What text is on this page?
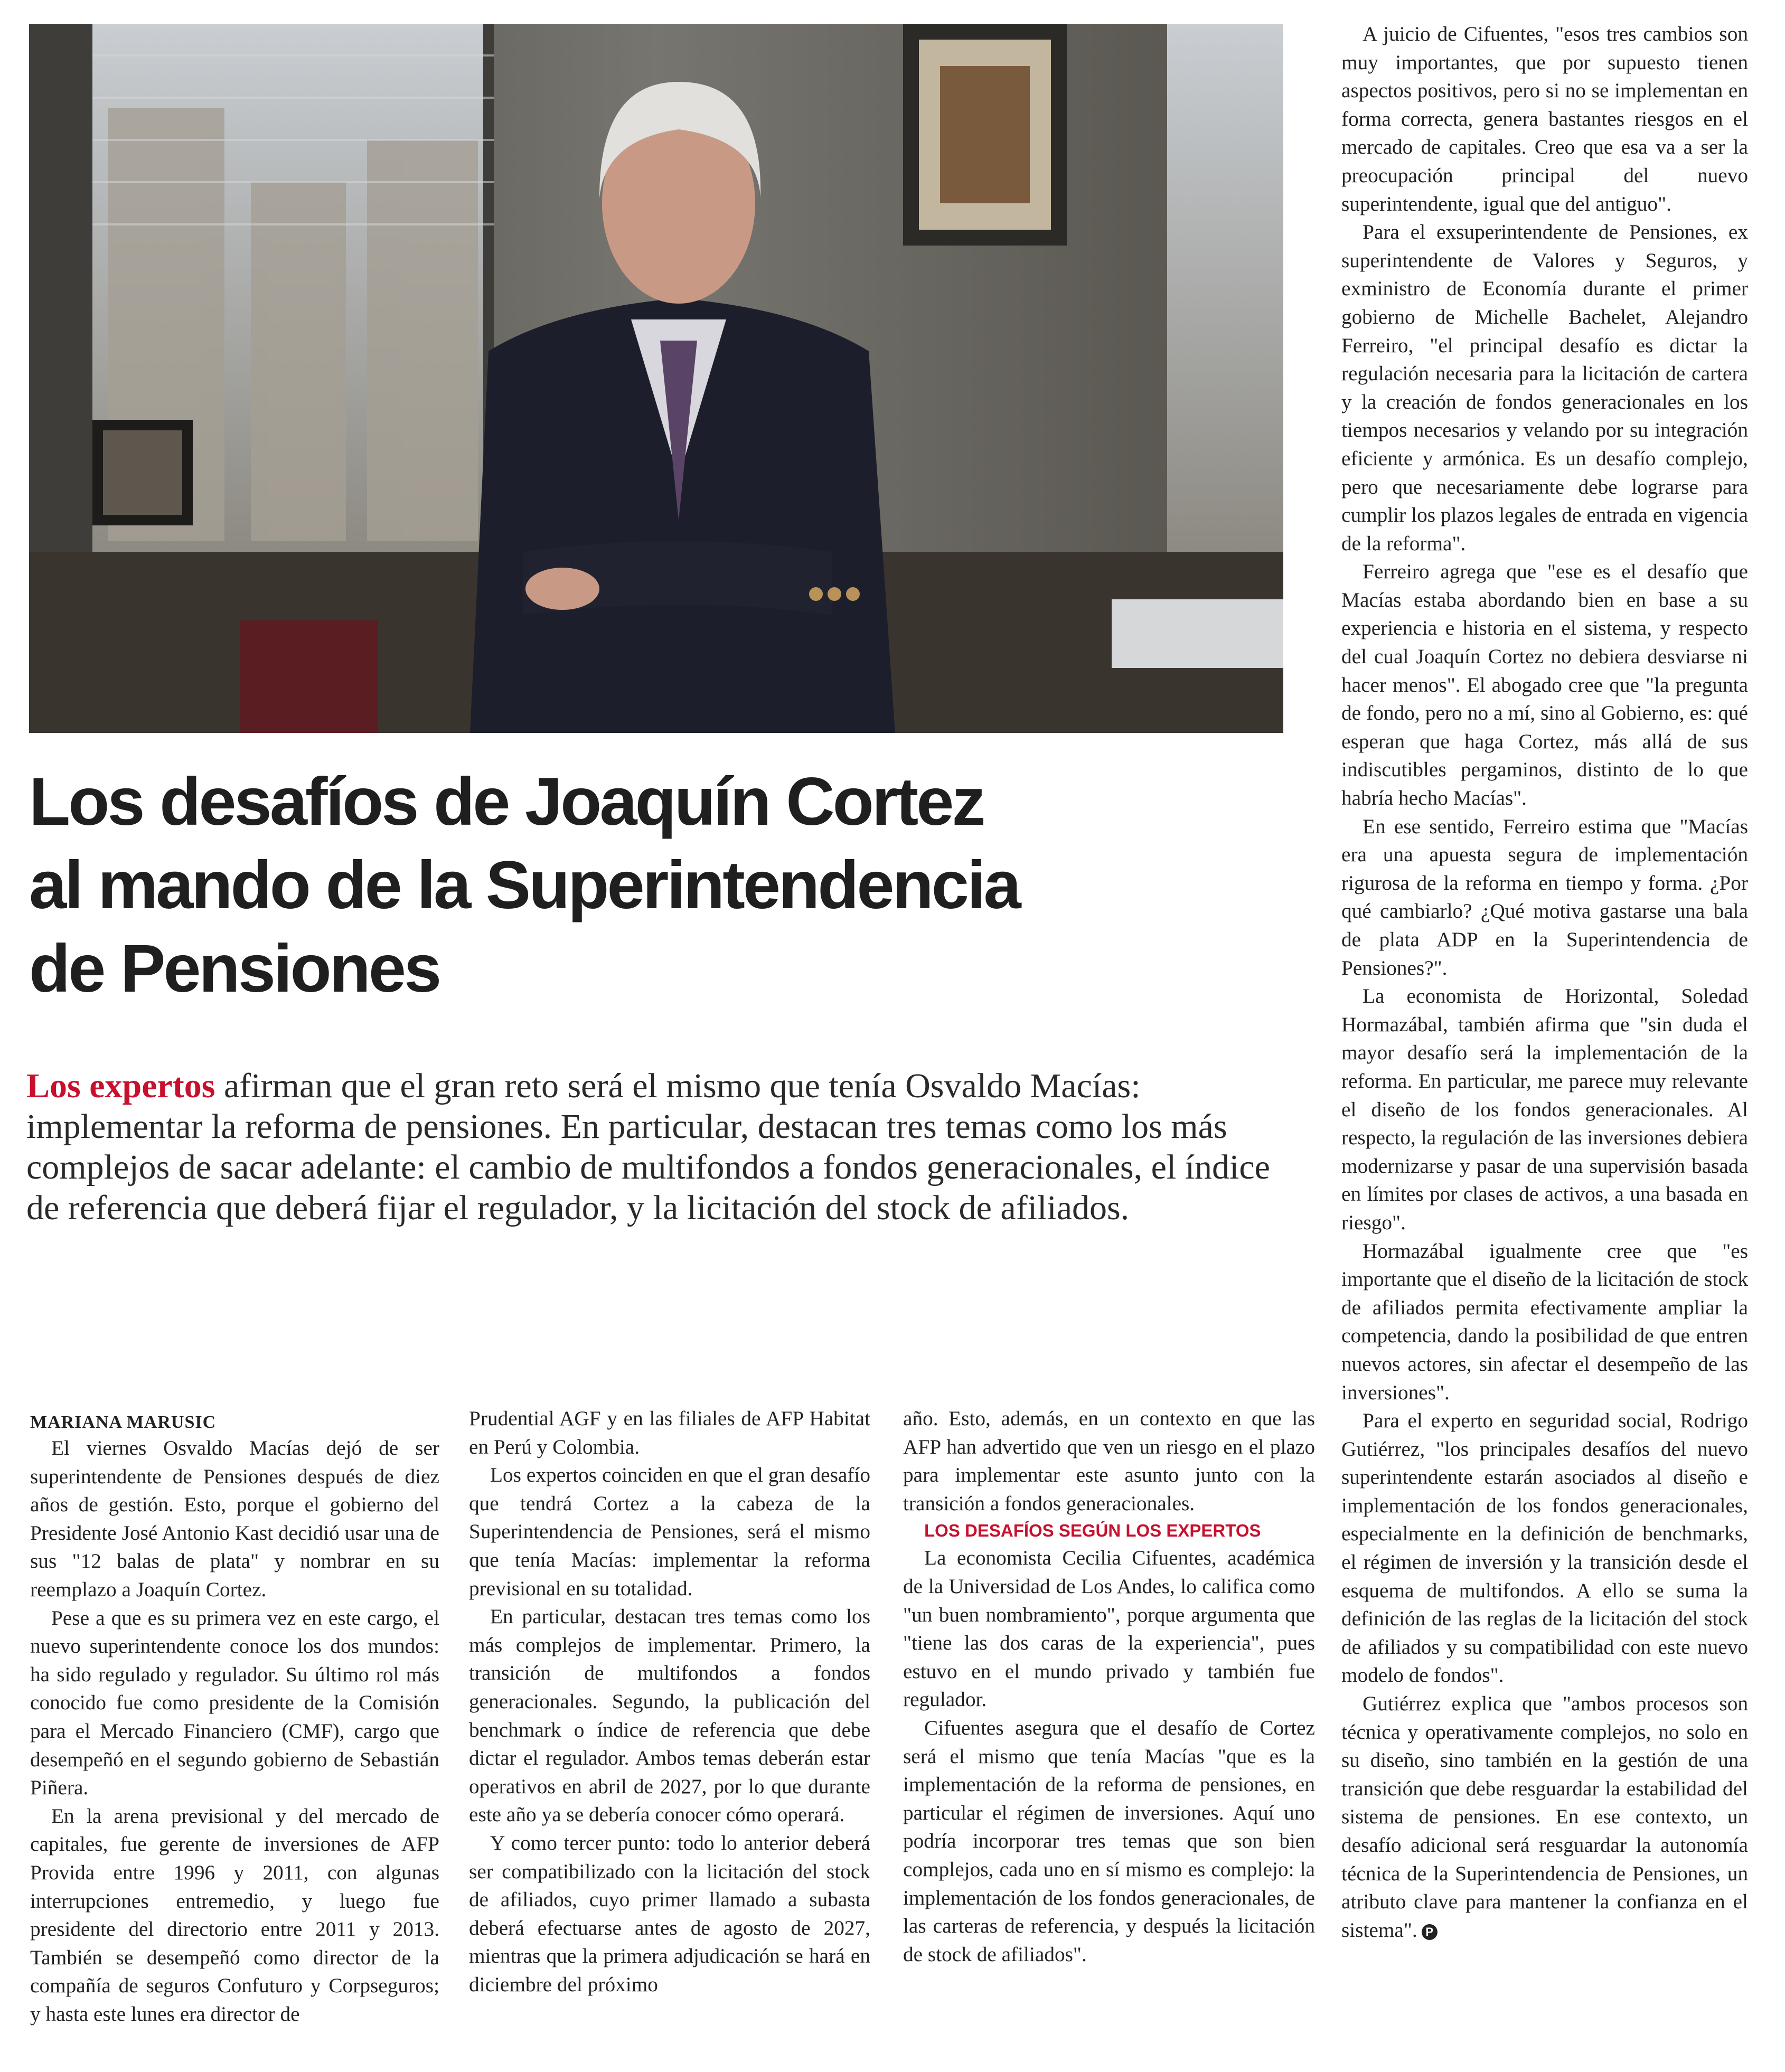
Los desafíos de Joaquín Cortez
al mando de la Superintendencia
de Pensiones

Los expertos afirman que el gran reto será el mismo que tenía Osvaldo Macías: implementar la reforma de pensiones. En particular, destacan tres temas como los más complejos de sacar adelante: el cambio de multifondos a fondos generacionales, el índice de referencia que deberá fijar el regulador, y la licitación del stock de afiliados.

MARIANA MARUSIC

El viernes Osvaldo Macías dejó de ser superintendente de Pensiones después de diez años de gestión. Esto, porque el gobierno del Presidente José Antonio Kast decidió usar una de sus "12 balas de plata" y nombrar en su reemplazo a Joaquín Cortez.

Pese a que es su primera vez en este cargo, el nuevo superintendente conoce los dos mundos: ha sido regulado y regulador. Su último rol más conocido fue como presidente de la Comisión para el Mercado Financiero (CMF), cargo que desempeñó en el segundo gobierno de Sebastián Piñera.

En la arena previsional y del mercado de capitales, fue gerente de inversiones de AFP Provida entre 1996 y 2011, con algunas interrupciones entremedio, y luego fue presidente del directorio entre 2011 y 2013. También se desempeñó como director de la compañía de seguros Confuturo y Corpseguros; y hasta este lunes era director de

Prudential AGF y en las filiales de AFP Habitat en Perú y Colombia.

Los expertos coinciden en que el gran desafío que tendrá Cortez a la cabeza de la Superintendencia de Pensiones, será el mismo que tenía Macías: implementar la reforma previsional en su totalidad.

En particular, destacan tres temas como los más complejos de implementar. Primero, la transición de multifondos a fondos generacionales. Segundo, la publicación del benchmark o índice de referencia que debe dictar el regulador. Ambos temas deberán estar operativos en abril de 2027, por lo que durante este año ya se debería conocer cómo operará.

Y como tercer punto: todo lo anterior deberá ser compatibilizado con la licitación del stock de afiliados, cuyo primer llamado a subasta deberá efectuarse antes de agosto de 2027, mientras que la primera adjudicación se hará en diciembre del próximo

año. Esto, además, en un contexto en que las AFP han advertido que ven un riesgo en el plazo para implementar este asunto junto con la transición a fondos generacionales.

LOS DESAFÍOS SEGÚN LOS EXPERTOS

La economista Cecilia Cifuentes, académica de la Universidad de Los Andes, lo califica como "un buen nombramiento", porque argumenta que "tiene las dos caras de la experiencia", pues estuvo en el mundo privado y también fue regulador.

Cifuentes asegura que el desafío de Cortez será el mismo que tenía Macías "que es la implementación de la reforma de pensiones, en particular el régimen de inversiones. Aquí uno podría incorporar tres temas que son bien complejos, cada uno en sí mismo es complejo: la implementación de los fondos generacionales, de las carteras de referencia, y después la licitación de stock de afiliados".

A juicio de Cifuentes, "esos tres cambios son muy importantes, que por supuesto tienen aspectos positivos, pero si no se implementan en forma correcta, genera bastantes riesgos en el mercado de capitales. Creo que esa va a ser la preocupación principal del nuevo superintendente, igual que del antiguo".

Para el exsuperintendente de Pensiones, ex superintendente de Valores y Seguros, y exministro de Economía durante el primer gobierno de Michelle Bachelet, Alejandro Ferreiro, "el principal desafío es dictar la regulación necesaria para la licitación de cartera y la creación de fondos generacionales en los tiempos necesarios y velando por su integración eficiente y armónica. Es un desafío complejo, pero que necesariamente debe lograrse para cumplir los plazos legales de entrada en vigencia de la reforma".

Ferreiro agrega que "ese es el desafío que Macías estaba abordando bien en base a su experiencia e historia en el sistema, y respecto del cual Joaquín Cortez no debiera desviarse ni hacer menos". El abogado cree que "la pregunta de fondo, pero no a mí, sino al Gobierno, es: qué esperan que haga Cortez, más allá de sus indiscutibles pergaminos, distinto de lo que habría hecho Macías".

En ese sentido, Ferreiro estima que "Macías era una apuesta segura de implementación rigurosa de la reforma en tiempo y forma. ¿Por qué cambiarlo? ¿Qué motiva gastarse una bala de plata ADP en la Superintendencia de Pensiones?".

La economista de Horizontal, Soledad Hormazábal, también afirma que "sin duda el mayor desafío será la implementación de la reforma. En particular, me parece muy relevante el diseño de los fondos generacionales. Al respecto, la regulación de las inversiones debiera modernizarse y pasar de una supervisión basada en límites por clases de activos, a una basada en riesgo".

Hormazábal igualmente cree que "es importante que el diseño de la licitación de stock de afiliados permita efectivamente ampliar la competencia, dando la posibilidad de que entren nuevos actores, sin afectar el desempeño de las inversiones".

Para el experto en seguridad social, Rodrigo Gutiérrez, "los principales desafíos del nuevo superintendente estarán asociados al diseño e implementación de los fondos generacionales, especialmente en la definición de benchmarks, el régimen de inversión y la transición desde el esquema de multifondos. A ello se suma la definición de las reglas de la licitación del stock de afiliados y su compatibilidad con este nuevo modelo de fondos".

Gutiérrez explica que "ambos procesos son técnica y operativamente complejos, no solo en su diseño, sino también en la gestión de una transición que debe resguardar la estabilidad del sistema de pensiones. En ese contexto, un desafío adicional será resguardar la autonomía técnica de la Superintendencia de Pensiones, un atributo clave para mantener la confianza en el sistema". P
